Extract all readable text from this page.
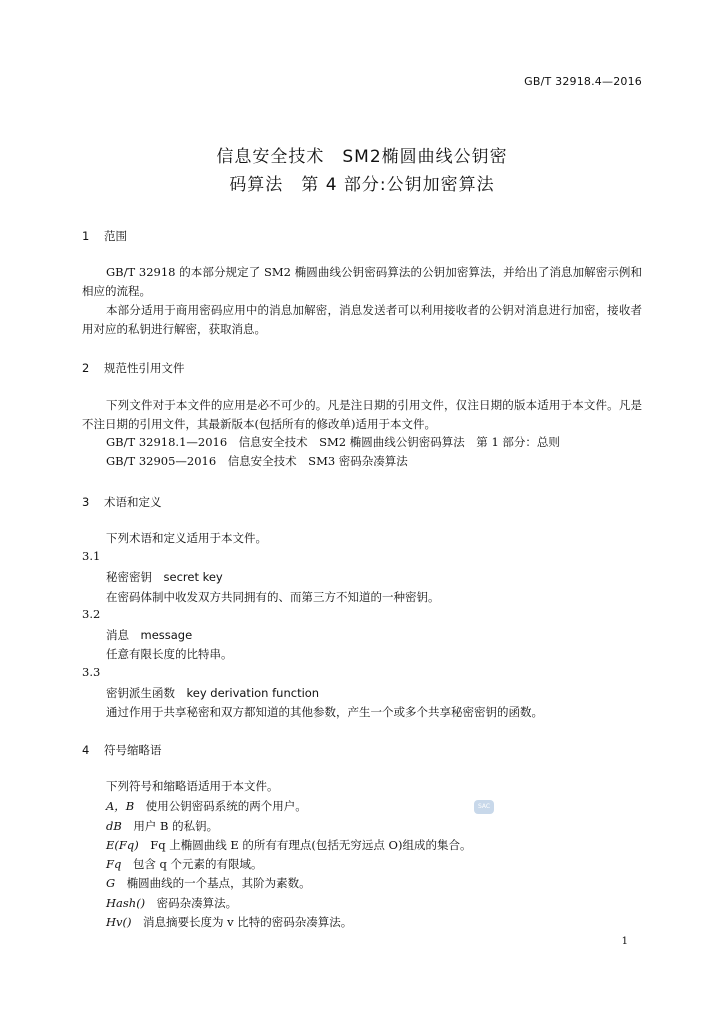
GB/T 32918.4—2016
信息安全技术　SM2椭圆曲线公钥密
码算法　第 4 部分:公钥加密算法
1 范围
GB/T 32918 的本部分规定了 SM2 椭圆曲线公钥密码算法的公钥加密算法，并给出了消息加解密示例和相应的流程。
本部分适用于商用密码应用中的消息加解密，消息发送者可以利用接收者的公钥对消息进行加密，接收者用对应的私钥进行解密，获取消息。
2 规范性引用文件
下列文件对于本文件的应用是必不可少的。凡是注日期的引用文件，仅注日期的版本适用于本文件。凡是不注日期的引用文件，其最新版本(包括所有的修改单)适用于本文件。
GB/T 32918.1—2016　信息安全技术　SM2 椭圆曲线公钥密码算法　第 1 部分：总则
GB/T 32905—2016　信息安全技术　SM3 密码杂凑算法
3 术语和定义
下列术语和定义适用于本文件。
3.1
秘密密钥　secret key
在密码体制中收发双方共同拥有的、而第三方不知道的一种密钥。
3.2
消息　message
任意有限长度的比特串。
3.3
密钥派生函数　key derivation function
通过作用于共享秘密和双方都知道的其他参数，产生一个或多个共享秘密密钥的函数。
4 符号缩略语
下列符号和缩略语适用于本文件。
A，B　 使用公钥密码系统的两个用户。
dB　 用户 B 的私钥。
E(Fq)　 Fq 上椭圆曲线 E 的所有有理点(包括无穷远点 O)组成的集合。
Fq　 包含 q 个元素的有限域。
G　 椭圆曲线的一个基点，其阶为素数。
Hash()　 密码杂凑算法。
Hv()　 消息摘要长度为 v 比特的密码杂凑算法。
SAC
1
